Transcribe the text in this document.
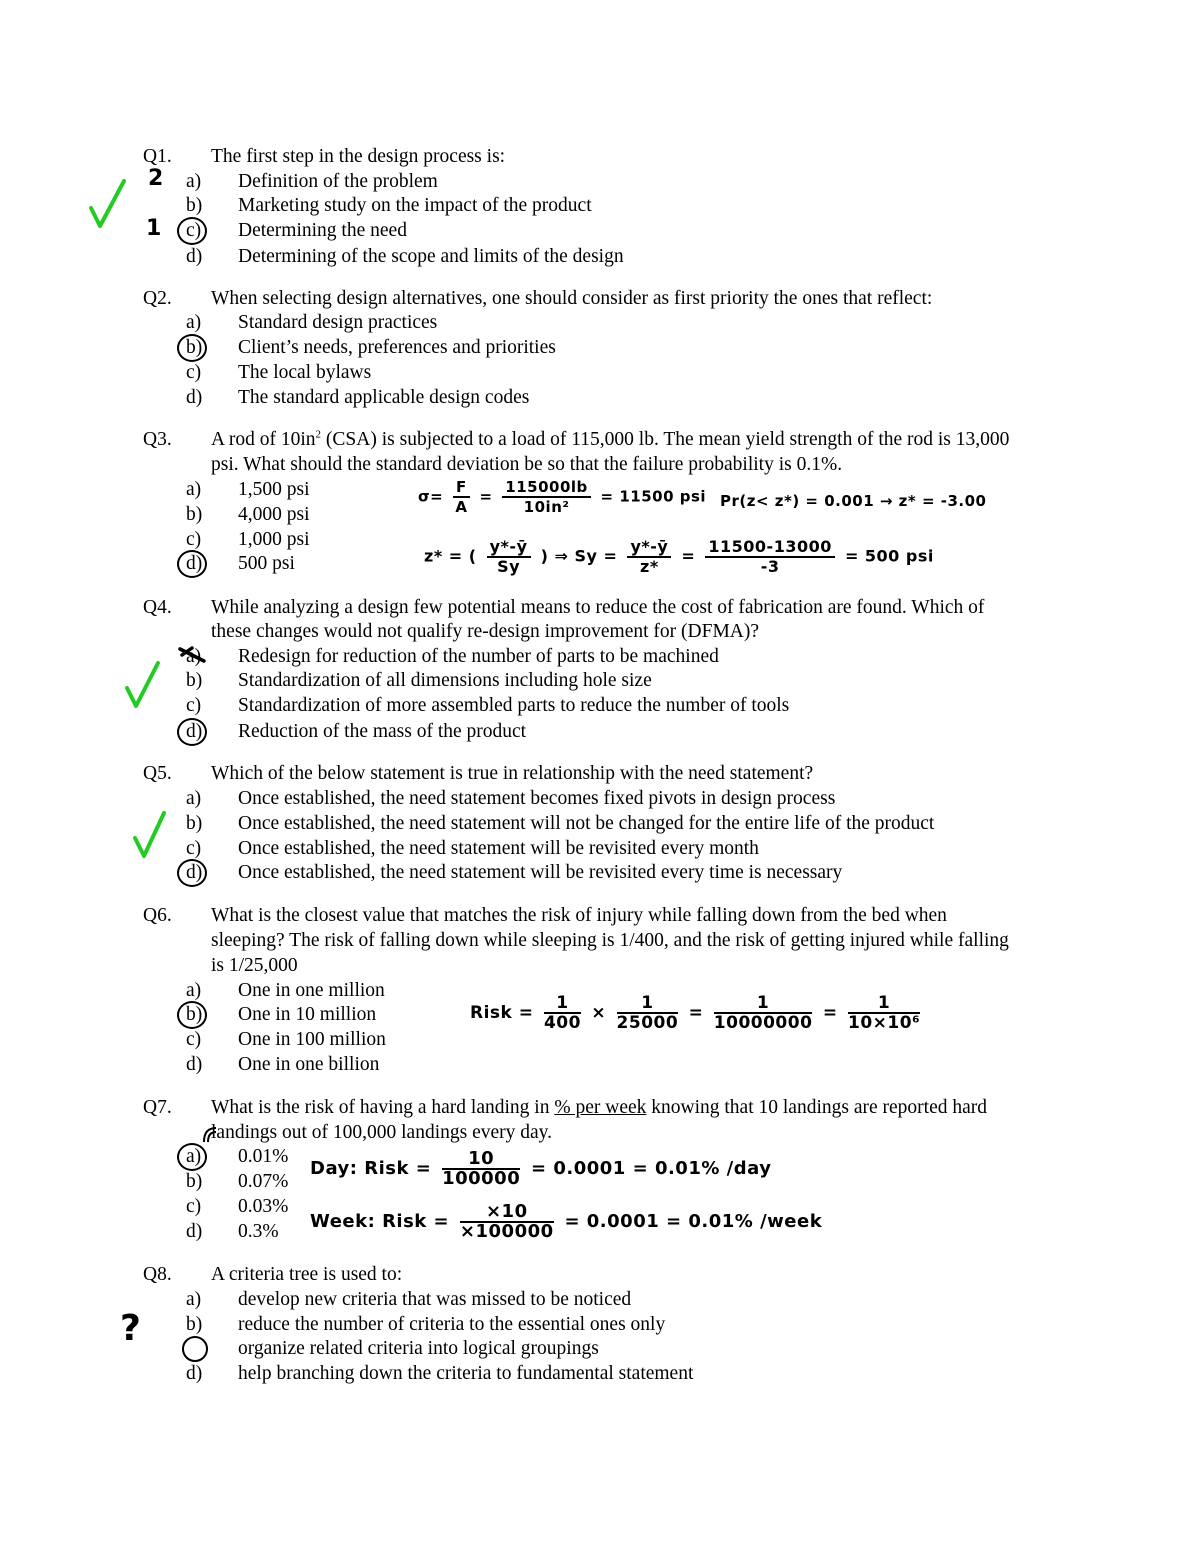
Q1. The first step in the design process is:
a)	Definition of the problem
b)	Marketing study on the impact of the product
c)	Determining the need
d)	Determining of the scope and limits of the design
2
1
Q2. When selecting design alternatives, one should consider as first priority the ones that reflect:
a)	Standard design practices
b)	Client’s needs, preferences and priorities
c)	The local bylaws
d)	The standard applicable design codes
Q3. A rod of $10in^2$ (CSA) is subjected to a load of 115,000 lb. The mean yield strength of the rod is 13,000
psi. What should the standard deviation be so that the failure probability is 0.1%.
a)	1,500 psi
b)	4,000 psi
c)	1,000 psi
d)	500 psi
$\sigma= \frac{F}{A} = \frac{115000lb}{\text{10in²}} = 11500$ psi Pr(z< z*) = 0.001 → z* = -3.00
z* = ( $\frac{y*-ȳ}{Sy}$ ) ⇒ $Sy = \frac{y*-ȳ}{z*} = \frac{11500-13000}{-3} = 500$ psi
Q4. While analyzing a design few potential means to reduce the cost of fabrication are found. Which of
these changes would not qualify re-design improvement for (DFMA)?
a)	Redesign for reduction of the number of parts to be machined
b)	Standardization of all dimensions including hole size
c)	Standardization of more assembled parts to reduce the number of tools
d)	Reduction of the mass of the product
Q5. Which of the below statement is true in relationship with the need statement?
a)	Once established, the need statement becomes fixed pivots in design process
b)	Once established, the need statement will not be changed for the entire life of the product
c)	Once established, the need statement will be revisited every month
d)	Once established, the need statement will be revisited every time is necessary
Q6. What is the closest value that matches the risk of injury while falling down from the bed when
sleeping? The risk of falling down while sleeping is 1/400, and the risk of getting injured while falling
is 1/25,000
a)	One in one million
b)	One in 10 million
c)	One in 100 million
d)	One in one billion
Risk = $\frac{1}{400} \times \frac{1}{25000} = \frac{1}{10000000} = \frac{1}{\text{10×10⁶}}$
Q7. What is the risk of having a hard landing in % per week knowing that 10 landings are reported hard
landings out of 100,000 landings every day.
a)	0.01%
b)	0.07%
c)	0.03%
d)	0.3%
Day: Risk = $\frac{10}{100000} = 0.0001 = 0.01\%$ /day
Week: Risk = $\frac{\times 10}{\times 100000} = 0.0001 = 0.01\%$ /week
Q8. A criteria tree is used to:
a)	develop new criteria that was missed to be noticed
b)	reduce the number of criteria to the essential ones only
organize related criteria into logical groupings
d)	help branching down the criteria to fundamental statement
?
